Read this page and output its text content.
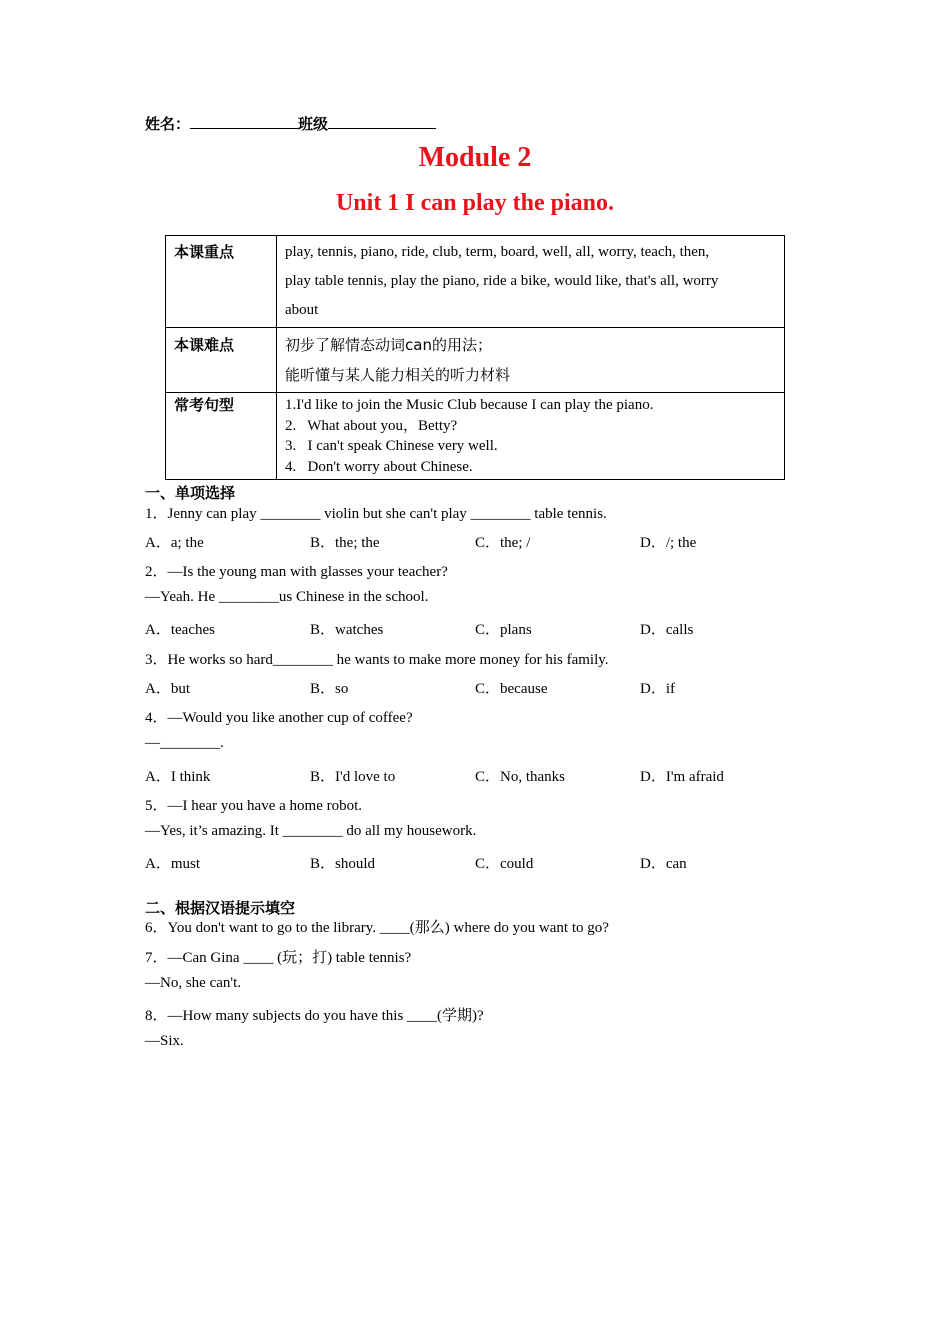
姓名：	班级
Module 2
Unit 1 I can play the piano.
本课重点	play, tennis, piano, ride, club, term, board, well, all, worry, teach, then,
play table tennis, play the piano, ride a bike, would like, that's all, worry
about

本课难点	初步了解情态动词can的用法；
能听懂与某人能力相关的听力材料

常考句型	1.I'd like to join the Music Club because I can play the piano.
2.   What about you，Betty?
3.   I can't speak Chinese very well.
4.   Don't worry about Chinese.
一、单项选择
1．Jenny can play ________ violin but she can't play ________ table tennis.
A．a; the	B．the; the	C．the; /	D．/; the
2．—Is the young man with glasses your teacher?
—Yeah. He ________us Chinese in the school.
A．teaches	B．watches	C．plans	D．calls
3．He works so hard________ he wants to make more money for his family.
A．but	B．so	C．because	D．if
4．—Would you like another cup of coffee?
—________.
A．I think	B．I'd love to	C．No, thanks	D．I'm afraid
5．—I hear you have a home robot.
—Yes, it’s amazing. It ________ do all my housework.
A．must	B．should	C．could	D．can
二、根据汉语提示填空
6．You don't want to go to the library. ____(那么) where do you want to go?
7．—Can Gina ____ (玩；打) table tennis?
—No, she can't.
8．—How many subjects do you have this ____(学期)?
—Six.
